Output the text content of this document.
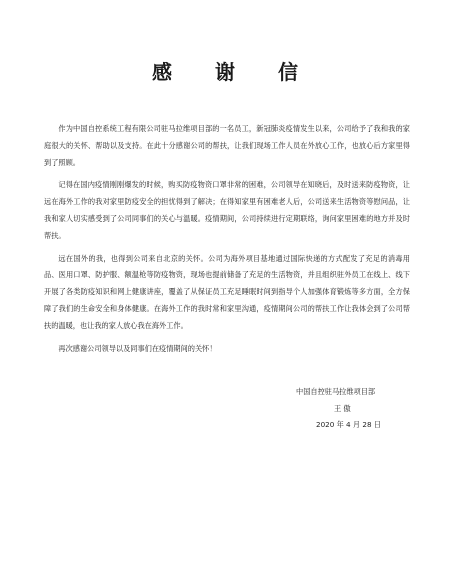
感 谢 信

作为中国自控系统工程有限公司驻马拉维项目部的一名员工，新冠肺炎疫情发生以来，公司给予了我和我的家庭很大的关怀、帮助以及支持。在此十分感谢公司的帮扶，让我们现场工作人员在外放心工作，也放心后方家里得到了照顾。

记得在国内疫情刚刚爆发的时候，购买防疫物资口罩非常的困难，公司领导在知晓后，及时送来防疫物资，让远在海外工作的我对家里防疫安全的担忧得到了解决；在得知家里有困难老人后，公司送来生活物资等慰问品，让我和家人切实感受到了公司同事们的关心与温暖。疫情期间，公司持续进行定期联络，询问家里困难的地方并及时帮扶。

远在国外的我，也得到公司来自北京的关怀。公司为海外项目基地通过国际快递的方式配发了充足的消毒用品、医用口罩、防护服、额温枪等防疫物资，现场也提前储备了充足的生活物资，并且组织驻外员工在线上、线下开展了各类防疫知识和网上健康讲座，覆盖了从保证员工充足睡眠时间到指导个人加强体育锻炼等多方面，全方保障了我们的生命安全和身体健康。在海外工作的我时常和家里沟通，疫情期间公司的帮扶工作让我体会到了公司帮扶的温暖，也让我的家人放心我在海外工作。

再次感谢公司领导以及同事们在疫情期间的关怀！

中国自控驻马拉维项目部
王 傲
2020 年 4 月 28 日
